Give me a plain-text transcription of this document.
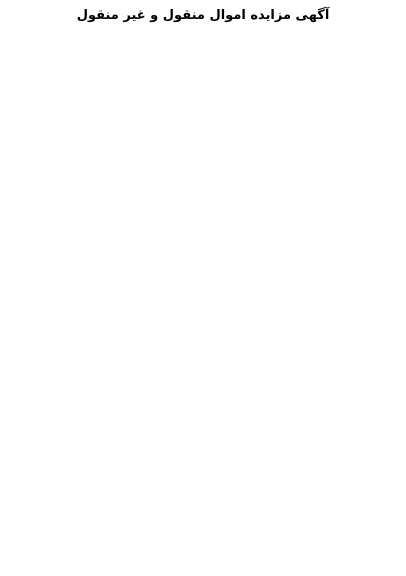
آگهی مزایده اموال منقول و غیر منقول
